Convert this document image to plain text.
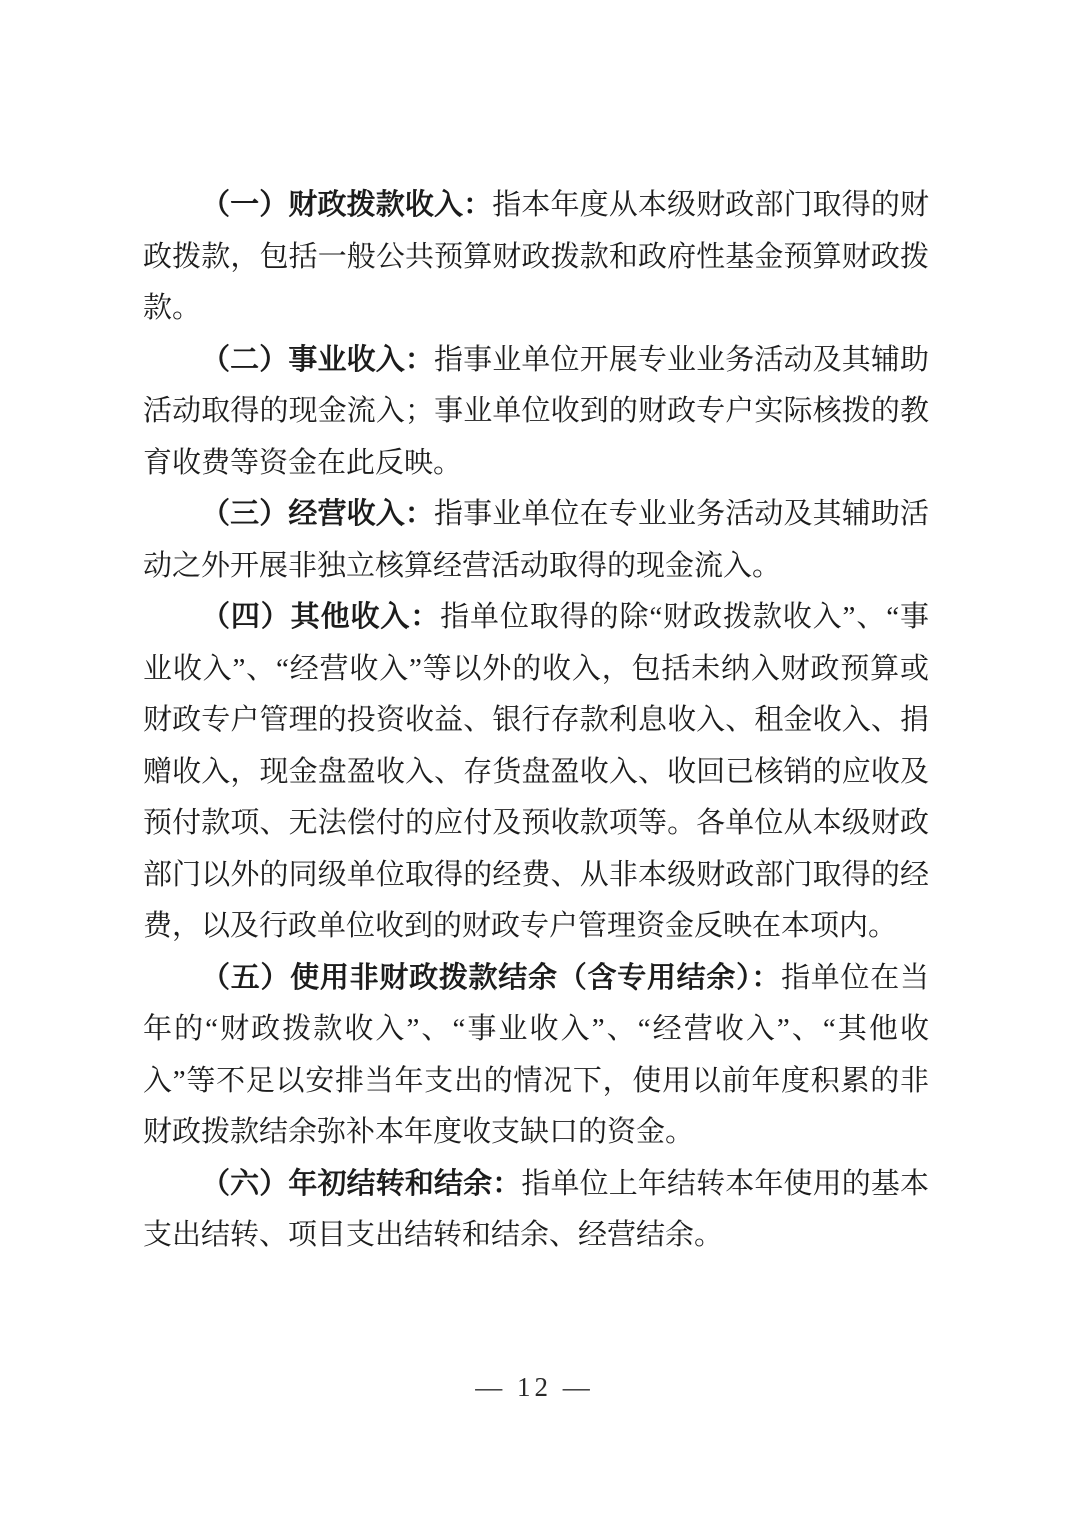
（一）财政拨款收入：指本年度从本级财政部门取得的财政拨款，包括一般公共预算财政拨款和政府性基金预算财政拨款。

（二）事业收入：指事业单位开展专业业务活动及其辅助活动取得的现金流入；事业单位收到的财政专户实际核拨的教育收费等资金在此反映。

（三）经营收入：指事业单位在专业业务活动及其辅助活动之外开展非独立核算经营活动取得的现金流入。

（四）其他收入：指单位取得的除“财政拨款收入”、“事业收入”、“经营收入”等以外的收入，包括未纳入财政预算或财政专户管理的投资收益、银行存款利息收入、租金收入、捐赠收入，现金盘盈收入、存货盘盈收入、收回已核销的应收及预付款项、无法偿付的应付及预收款项等。各单位从本级财政部门以外的同级单位取得的经费、从非本级财政部门取得的经费，以及行政单位收到的财政专户管理资金反映在本项内。

（五）使用非财政拨款结余（含专用结余）：指单位在当年的“财政拨款收入”、“事业收入”、“经营收入”、“其他收入”等不足以安排当年支出的情况下，使用以前年度积累的非财政拨款结余弥补本年度收支缺口的资金。

（六）年初结转和结余：指单位上年结转本年使用的基本支出结转、项目支出结转和结余、经营结余。

— 12 —
